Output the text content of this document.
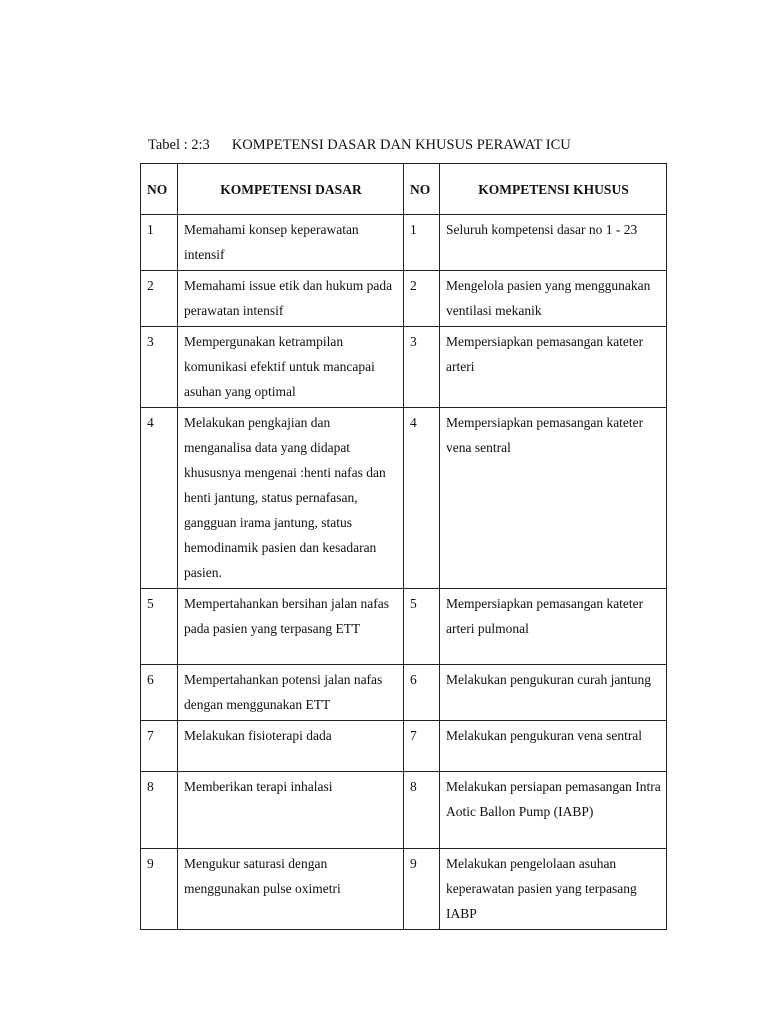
Tabel : 2:3 KOMPETENSI DASAR DAN KHUSUS PERAWAT ICU
NO	KOMPETENSI DASAR	NO	KOMPETENSI KHUSUS
1	Memahami konsep keperawatan intensif	1	Seluruh kompetensi dasar no 1 - 23
2	Memahami issue etik dan hukum pada perawatan intensif	2	Mengelola pasien yang menggunakan ventilasi mekanik
3	Mempergunakan ketrampilan komunikasi efektif untuk mancapai asuhan yang optimal	3	Mempersiapkan pemasangan kateter arteri
4	Melakukan pengkajian dan menganalisa data yang didapat khususnya mengenai :henti nafas dan henti jantung, status pernafasan, gangguan irama jantung, status hemodinamik pasien dan kesadaran pasien.	4	Mempersiapkan pemasangan kateter vena sentral
5	Mempertahankan bersihan jalan nafas pada pasien yang terpasang ETT	5	Mempersiapkan pemasangan kateter arteri pulmonal
6	Mempertahankan potensi jalan nafas dengan menggunakan ETT	6	Melakukan pengukuran curah jantung
7	Melakukan fisioterapi dada	7	Melakukan pengukuran vena sentral
8	Memberikan terapi inhalasi	8	Melakukan persiapan pemasangan Intra Aotic Ballon Pump (IABP)
9	Mengukur saturasi dengan menggunakan pulse oximetri	9	Melakukan pengelolaan asuhan keperawatan pasien yang terpasang IABP
